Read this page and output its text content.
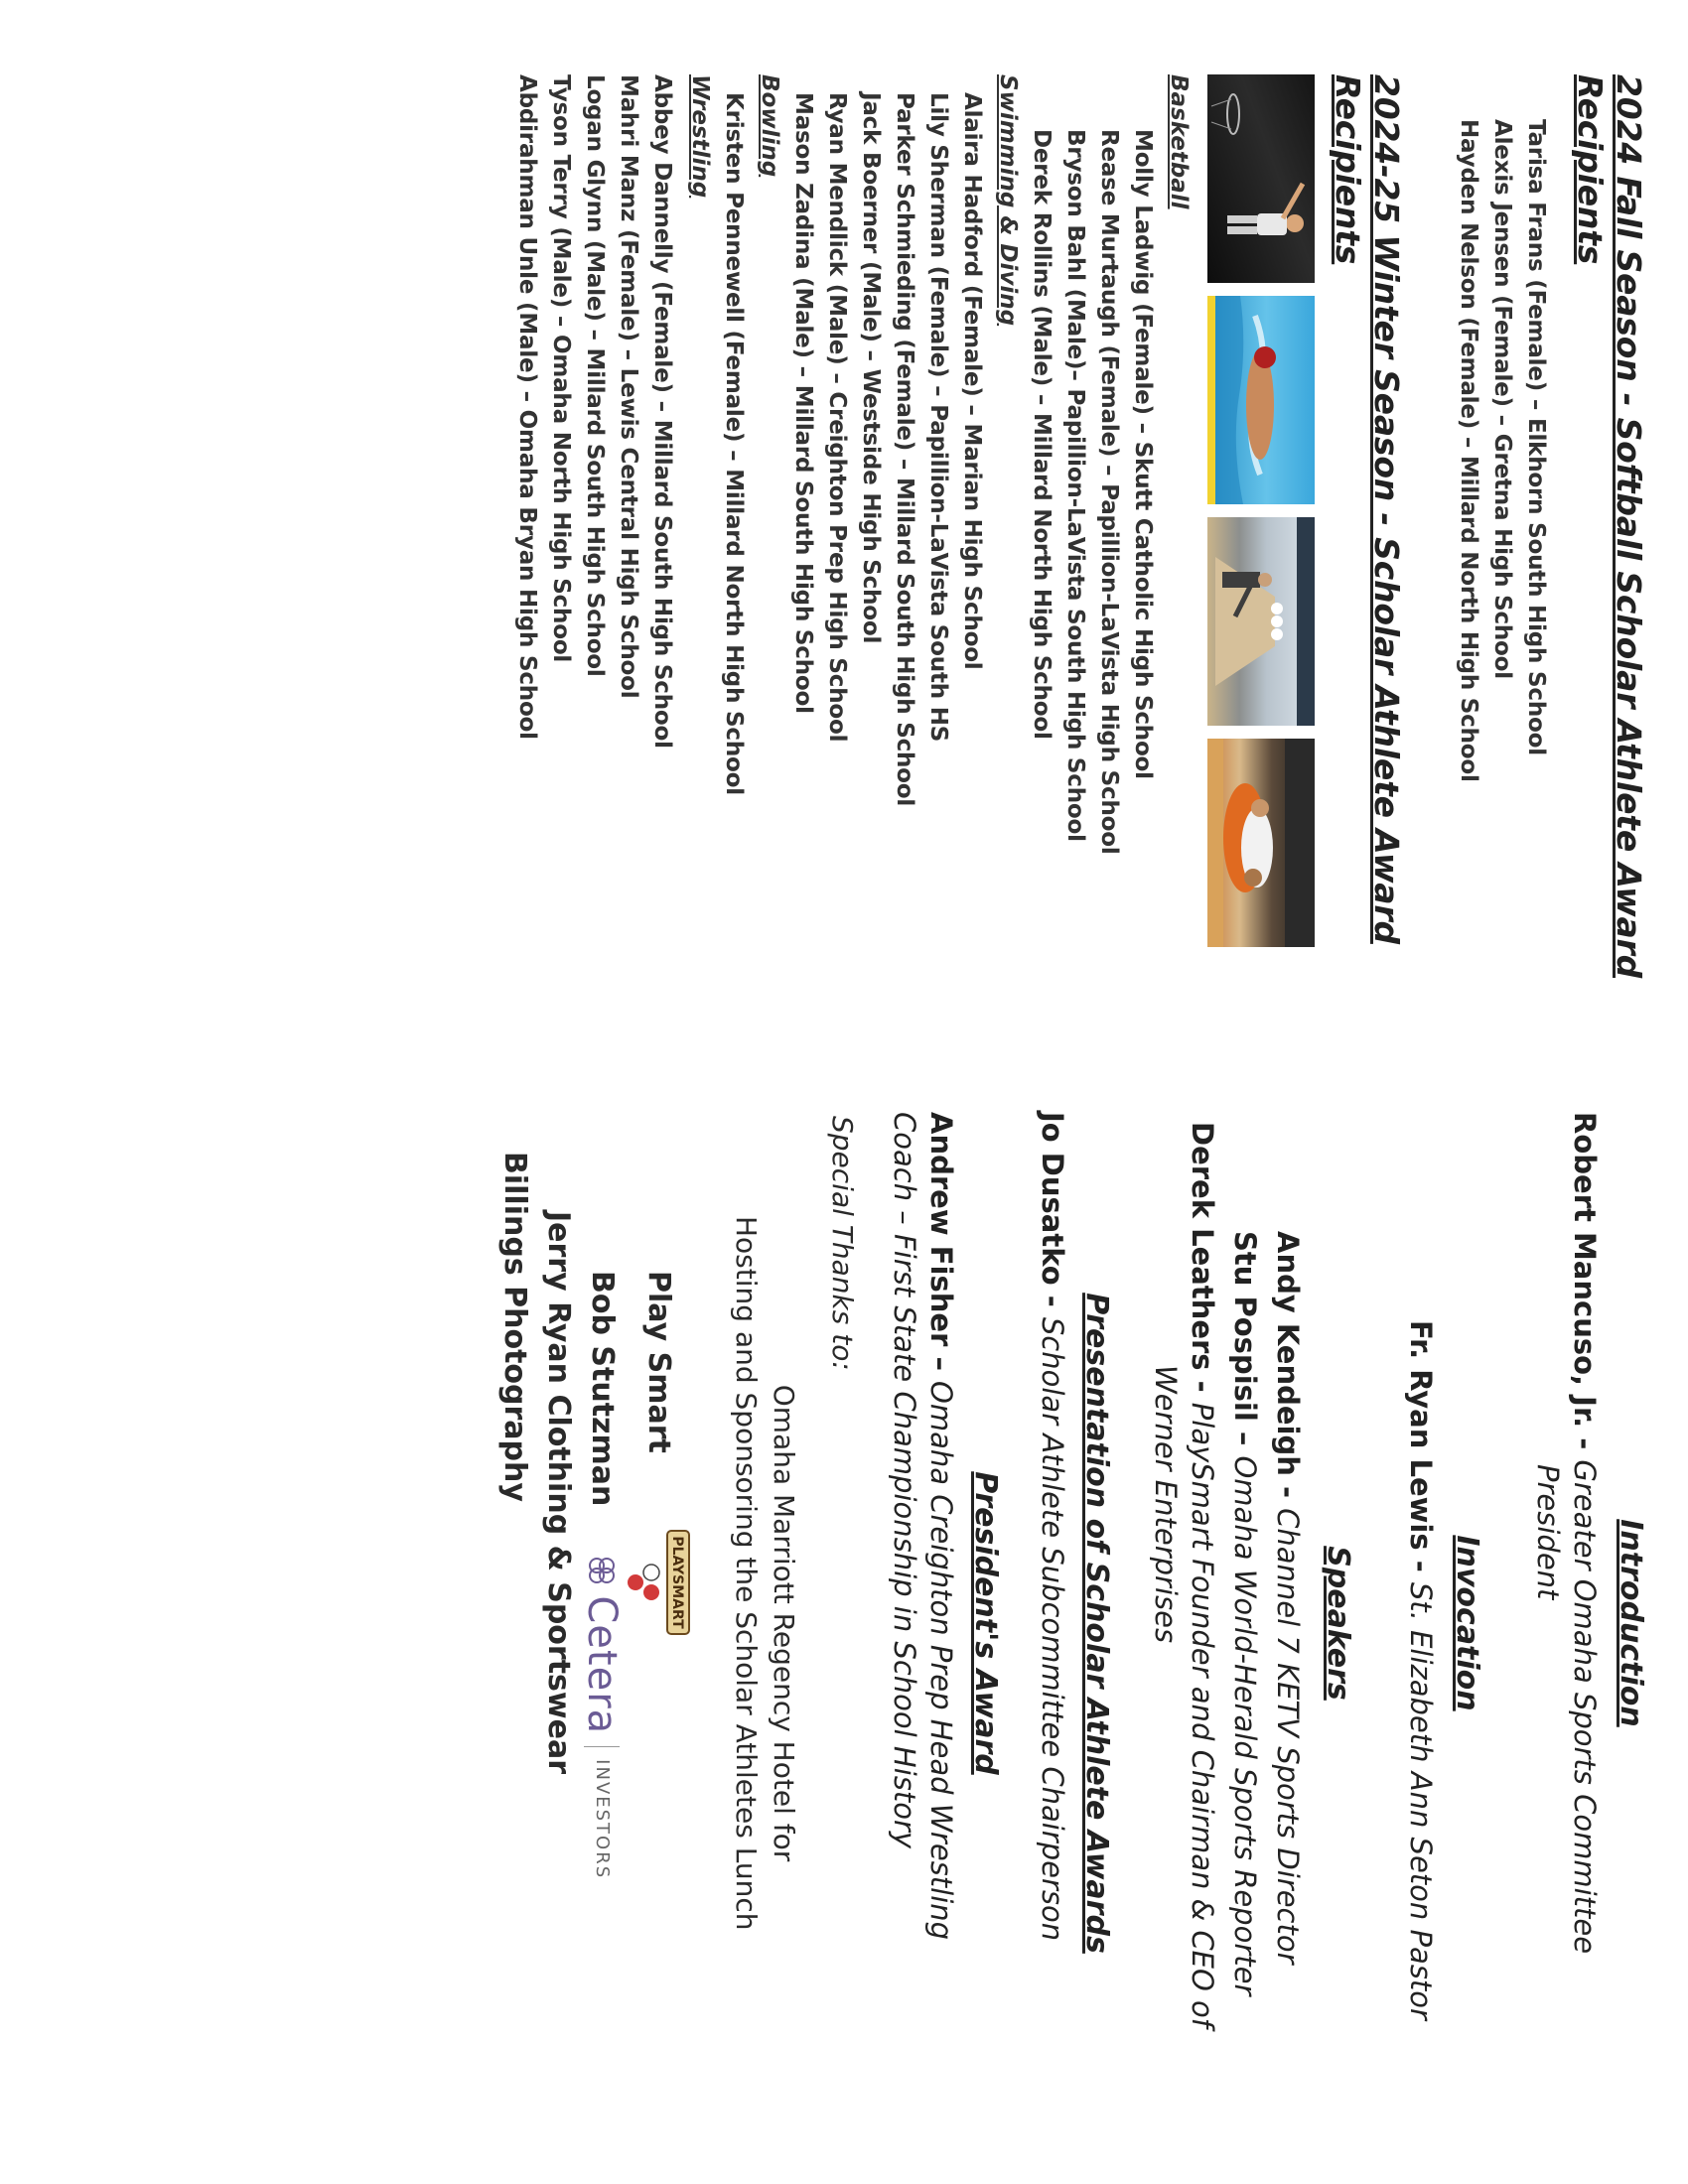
2024 Fall Season - Softball Scholar Athlete Award Recipients
Tarisa Frans (Female) – Elkhorn South High School
Alexis Jensen (Female) – Gretna High School
Hayden Nelson (Female) – Millard North High School
2024-25 Winter Season - Scholar Athlete Award Recipients
Basketball
Molly Ladwig (Female) – Skutt Catholic High School
Rease Murtaugh (Female) – Papillion-LaVista High School
Bryson Bahl (Male)– Papillion-LaVista South High School
Derek Rollins (Male) – Millard North High School
Swimming & Diving
Alaira Hadford (Female) – Marian High School
Lily Sherman (Female) – Papillion-LaVista South HS
Parker Schmieding (Female) – Millard South High School
Jack Boerner (Male) – Westside High School
Ryan Mendlick (Male) – Creighton Prep High School
Mason Zadina (Male) – Millard South High School
Bowling
Kristen Pennewell (Female) – Millard North High School
Wrestling
Abbey Dannelly (Female) – Millard South High School
Mahri Manz (Female) – Lewis Central High School
Logan Glynn (Male) – Millard South High School
Tyson Terry (Male) – Omaha North High School
Abdirahman Unle (Male) – Omaha Bryan High School
Introduction
Robert Mancuso, Jr. - Greater Omaha Sports Committee
President
Invocation
Fr. Ryan Lewis - St. Elizabeth Ann Seton Pastor
Speakers
Andy Kendeigh - Channel 7 KETV Sports Director
Stu Pospisil – Omaha World-Herald Sports Reporter
Derek Leathers - PlaySmart Founder and Chairman & CEO of
Werner Enterprises
Presentation of Scholar Athlete Awards
Jo Dusatko - Scholar Athlete Subcommittee Chairperson
President's Award
Andrew Fisher – Omaha Creighton Prep Head Wrestling
Coach – First State Championship in School History
Special Thanks to:
Omaha Marriott Regency Hotel for
Hosting and Sponsoring the Scholar Athletes Lunch
Play Smart
PLAYSMART
Bob Stutzman
Cetera
INVESTORS
Jerry Ryan Clothing & Sportswear
Billings Photography
